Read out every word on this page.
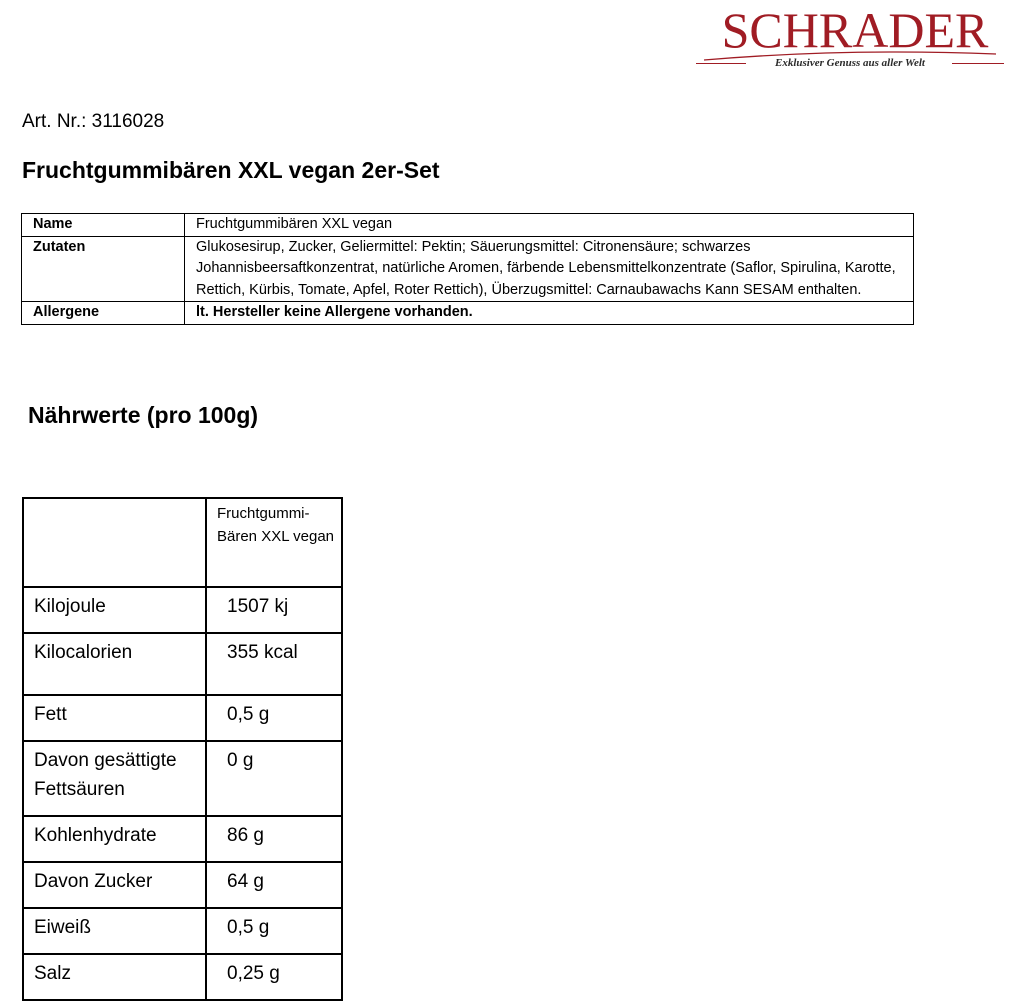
SCHRADER
Exklusiver Genuss aus aller Welt
Art. Nr.: 3116028
Fruchtgummibären XXL vegan 2er-Set
Name	Fruchtgummibären XXL vegan
Zutaten	Glukosesirup, Zucker, Geliermittel: Pektin; Säuerungsmittel: Citronensäure; schwarzes Johannisbeersaftkonzentrat, natürliche Aromen, färbende Lebensmittelkonzentrate (Saflor, Spirulina, Karotte, Rettich, Kürbis, Tomate, Apfel, Roter Rettich), Überzugsmittel: Carnaubawachs Kann SESAM enthalten.
Allergene	lt. Hersteller keine Allergene vorhanden.
Nährwerte (pro 100g)
	Fruchtgummi-Bären XXL vegan
Kilojoule	1507 kj
Kilocalorien	355 kcal
Fett	0,5 g
Davon gesättigte Fettsäuren	0 g
Kohlenhydrate	86 g
Davon Zucker	64 g
Eiweiß	0,5 g
Salz	0,25 g
